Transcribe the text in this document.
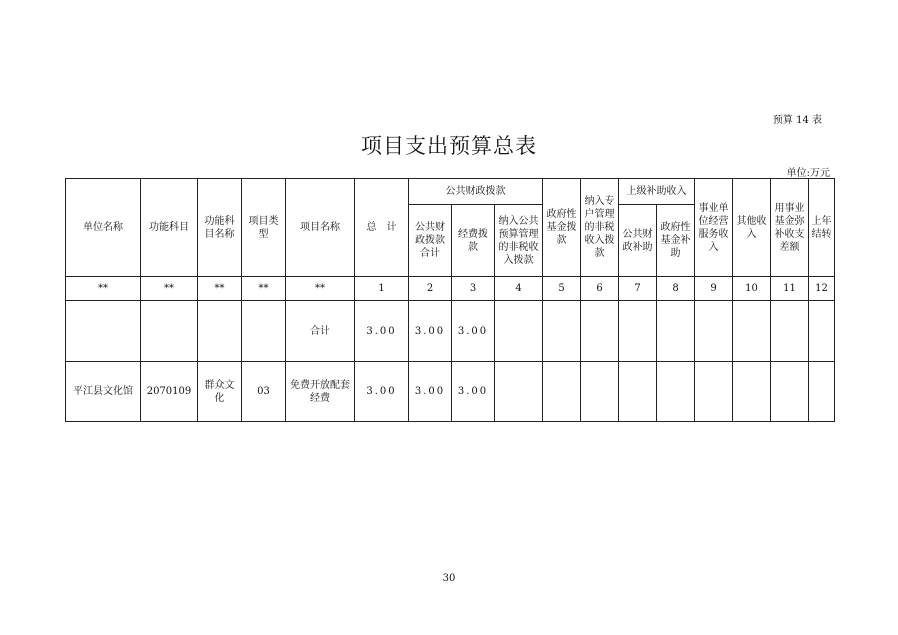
预算 14 表
项目支出预算总表
单位:万元
单位名称	功能科目	功能科目名称	项目类型	项目名称	总　计	公共财政拨款			政府性基金拨款	纳入专户管理的非税收入拨款	上级补助收入		事业单位经营服务收入	其他收入	用事业基金弥补收支差额	上年结转
						公共财政拨款合计	经费拨款	纳入公共预算管理的非税收入拨款			公共财政补助	政府性基金补助				
**	**	**	**	**	1	2	3	4	5	6	7	8	9	10	11	12
				合计	3.00	3.00	3.00									
平江县文化馆	2070109	群众文化	03	免费开放配套经费	3.00	3.00	3.00									
30
